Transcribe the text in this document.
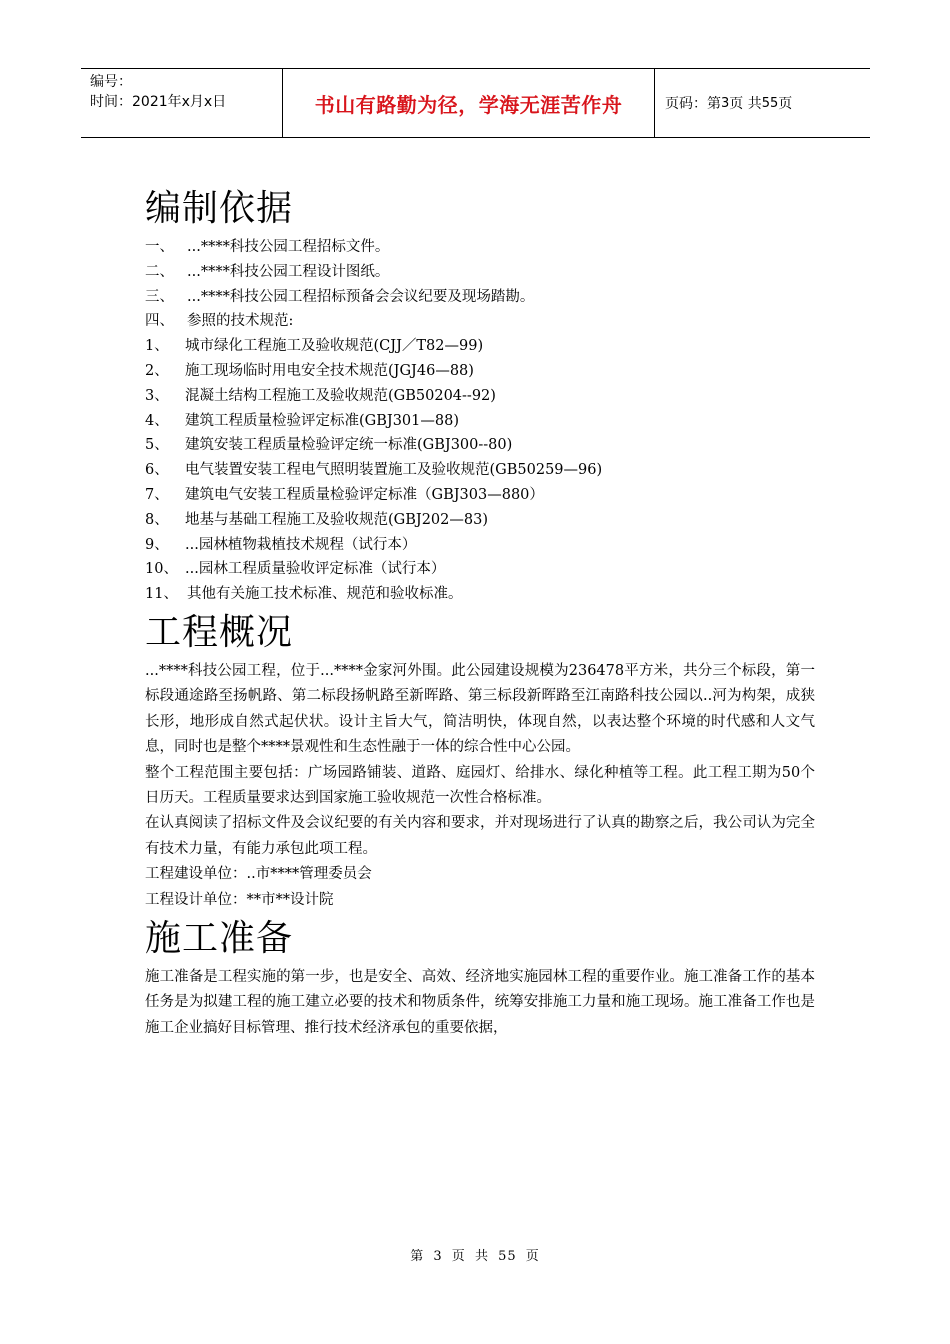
编号：
时间：2021年x月x日	书山有路勤为径，学海无涯苦作舟	页码：第 3 页 共 55 页
编制依据
一、 ...****科技公园工程招标文件。
二、 ...****科技公园工程设计图纸。
三、 ...****科技公园工程招标预备会会议纪要及现场踏勘。
四、 参照的技术规范:
1、	城市绿化工程施工及验收规范(CJJ／T82—99)
2、	施工现场临时用电安全技术规范(JGJ46—88)
3、	混凝土结构工程施工及验收规范(GB50204--92)
4、	建筑工程质量检验评定标准(GBJ301—88)
5、	建筑安装工程质量检验评定统一标准(GBJ300--80)
6、	电气装置安装工程电气照明装置施工及验收规范(GB50259—96)
7、	建筑电气安装工程质量检验评定标准（GBJ303—880）
8、	地基与基础工程施工及验收规范(GBJ202—83)
9、	...园林植物栽植技术规程（试行本）
10、 ...园林工程质量验收评定标准（试行本）
11、 其他有关施工技术标准、规范和验收标准。
工程概况

...****科技公园工程，位于...****金家河外围。此公园建设规模为236478平方米，共分三个标段，第一标段通途路至扬帆路、第二标段扬帆路至新晖路、第三标段新晖路至江南路科技公园以..河为构架，成狭长形，地形成自然式起伏状。设计主旨大气，简洁明快，体现自然，以表达整个环境的时代感和人文气息，同时也是整个****景观性和生态性融于一体的综合性中心公园。

整个工程范围主要包括：广场园路铺装、道路、庭园灯、给排水、绿化种植等工程。此工程工期为50个日历天。工程质量要求达到国家施工验收规范一次性合格标准。

在认真阅读了招标文件及会议纪要的有关内容和要求，并对现场进行了认真的勘察之后，我公司认为完全有技术力量，有能力承包此项工程。

工程建设单位：..市****管理委员会

工程设计单位：**市**设计院

施工准备

施工准备是工程实施的第一步，也是安全、高效、经济地实施园林工程的重要作业。施工准备工作的基本任务是为拟建工程的施工建立必要的技术和物质条件，统筹安排施工力量和施工现场。施工准备工作也是施工企业搞好目标管理、推行技术经济承包的重要依据，

第 3 页 共 55 页
